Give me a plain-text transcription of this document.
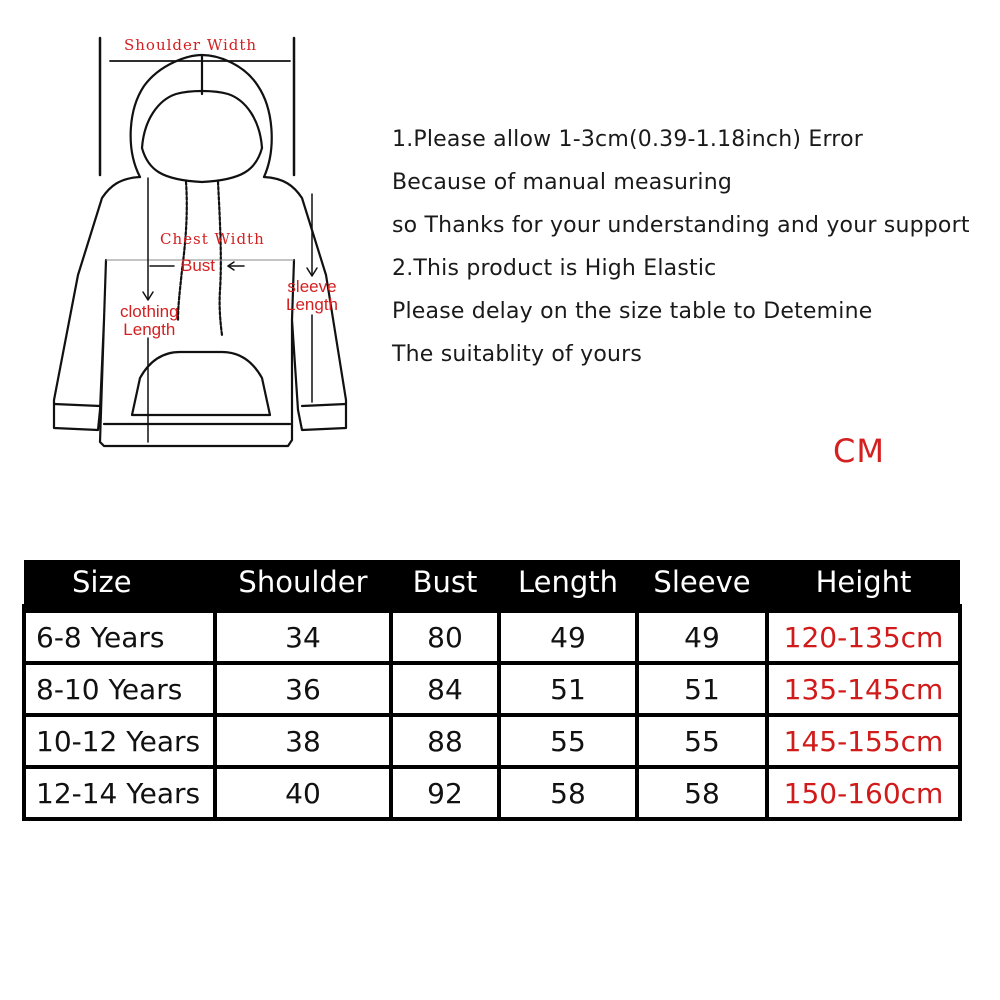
Shoulder Width
Chest Width
Bust
sleeve
Length
clothing
Length
1.Please allow 1-3cm(0.39-1.18inch) Error
Because of manual measuring
so Thanks for your understanding and your support
2.This product is High Elastic
Please delay on the size table to Detemine
The suitablity of yours
CM
Size	Shoulder	Bust	Length	Sleeve	Height
6-8 Years	34	80	49	49	120-135cm
8-10 Years	36	84	51	51	135-145cm
10-12 Years	38	88	55	55	145-155cm
12-14 Years	40	92	58	58	150-160cm
